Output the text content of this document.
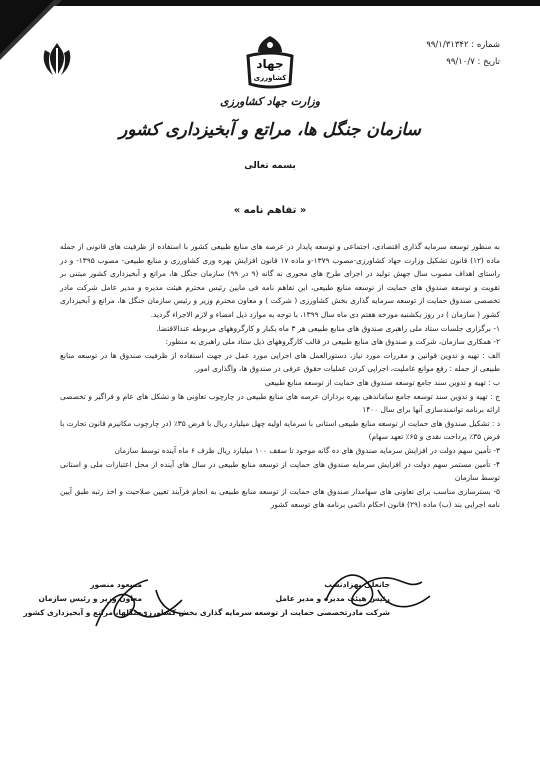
جهاد
کشاورزی
شماره : ۹۹/۱/۳۱۳۴۲
تاریخ : ۹۹/۱۰/۷
وزارت جهاد کشاورزی
سازمان جنگل ها، مراتع و آبخیزداری کشور
بسمه تعالی
« تفاهم نامه »

به منظور توسعه سرمایه گذاری اقتصادی، اجتماعی و توسعه پایدار در عرصه های منابع طبیعی کشور با استفاده از ظرفیت های قانونی از جمله ماده (۱۲) قانون تشکیل وزارت جهاد کشاورزی-مصوب ۱۳۷۹-و ماده ۱۷ قانون افزایش بهره وری کشاورزی و منابع طبیعی- مصوب ۱۳۹۵- و در راستای اهداف مصوب سال جهش تولید در اجرای طرح های محوری نه گانه (۹ در ۹۹) سازمان جنگل ها، مراتع و آبخیزداری کشور مبتنی بر تقویت و توسعه صندوق های حمایت از توسعه منابع طبیعی، این تفاهم نامه فی مابین رئیس محترم هیئت مدیره و مدیر عامل شرکت مادر تخصصی صندوق حمایت از توسعه سرمایه گذاری بخش کشاورزی ( شرکت ) و معاون محترم وزیر و رئیس سازمان جنگل ها، مراتع و آبخیزداری کشور ( سازمان ) در روز یکشنبه مورخه هفتم دی ماه سال ۱۳۹۹، با توجه به موارد ذیل امضاء و لازم الاجراء گردید.

۱- برگزاری جلسات ستاد ملی راهبری صندوق های منابع طبیعی هر ۳ ماه یکبار و کارگروههای مربوطه عندالاقتضا.

۲- همکاری سازمان، شرکت و صندوق های منابع طبیعی در قالب کارگروههای ذیل ستاد ملی راهبری به منظور:

الف : تهیه و تدوین قوانین و مقررات مورد نیاز، دستورالعمل های اجرایی مورد عمل در جهت استفاده از ظرفیت صندوق ها در توسعه منابع طبیعی از جمله : رفع موانع عاملیت، اجرایی کردن عملیات حقوق عرفی در صندوق ها، واگذاری امور.

ب : تهیه و تدوین سند جامع توسعه صندوق های حمایت از توسعه منابع طبیعی

ج : تهیه و تدوین سند توسعه جامع ساماندهی بهره برداران عرصه های منابع طبیعی در چارچوب تعاونی ها و تشکل های عام و فراگیر و تخصصی ارائه برنامه توانمندسازی آنها برای سال ۱۴۰۰

د : تشکیل صندوق های حمایت از توسعه منابع طبیعی استانی با سرمایه اولیه چهل میلیارد ریال با فرض ۳۵٪ (در چارچوب مکانیزم قانون تجارت با فرض ۳۵٪ پرداخت نقدی و ۶۵٪ تعهد سهام)

۳- تأمین سهم دولت در افزایش سرمایه صندوق های ده گانه موجود تا سقف ۱۰۰ میلیارد ریال ظرف ۶ ماه آینده توسط سازمان

۴- تأمین مستمر سهم دولت در افزایش سرمایه صندوق های حمایت از توسعه منابع طبیعی در سال های آینده از محل اعتبارات ملی و استانی توسط سازمان

۵- بسترسازی مناسب برای تعاونی های سهامدار صندوق های حمایت از توسعه منابع طبیعی به انجام فرآیند تعیین صلاحیت و اخذ رتبه طبق آیین نامه اجرایی بند (ب) ماده (۲۹) قانون احکام دائمی برنامه های توسعه کشور

جانعلی بهزادنسب
رئیس هیئت مدیره و مدیر عامل
شرکت مادرتخصصی حمایت از توسعه سرمایه گذاری بخش کشاورزی
مسعود منصور
معاون وزیر و رئیس سازمان
جنگلها، مراتع و آبخیزداری کشور
